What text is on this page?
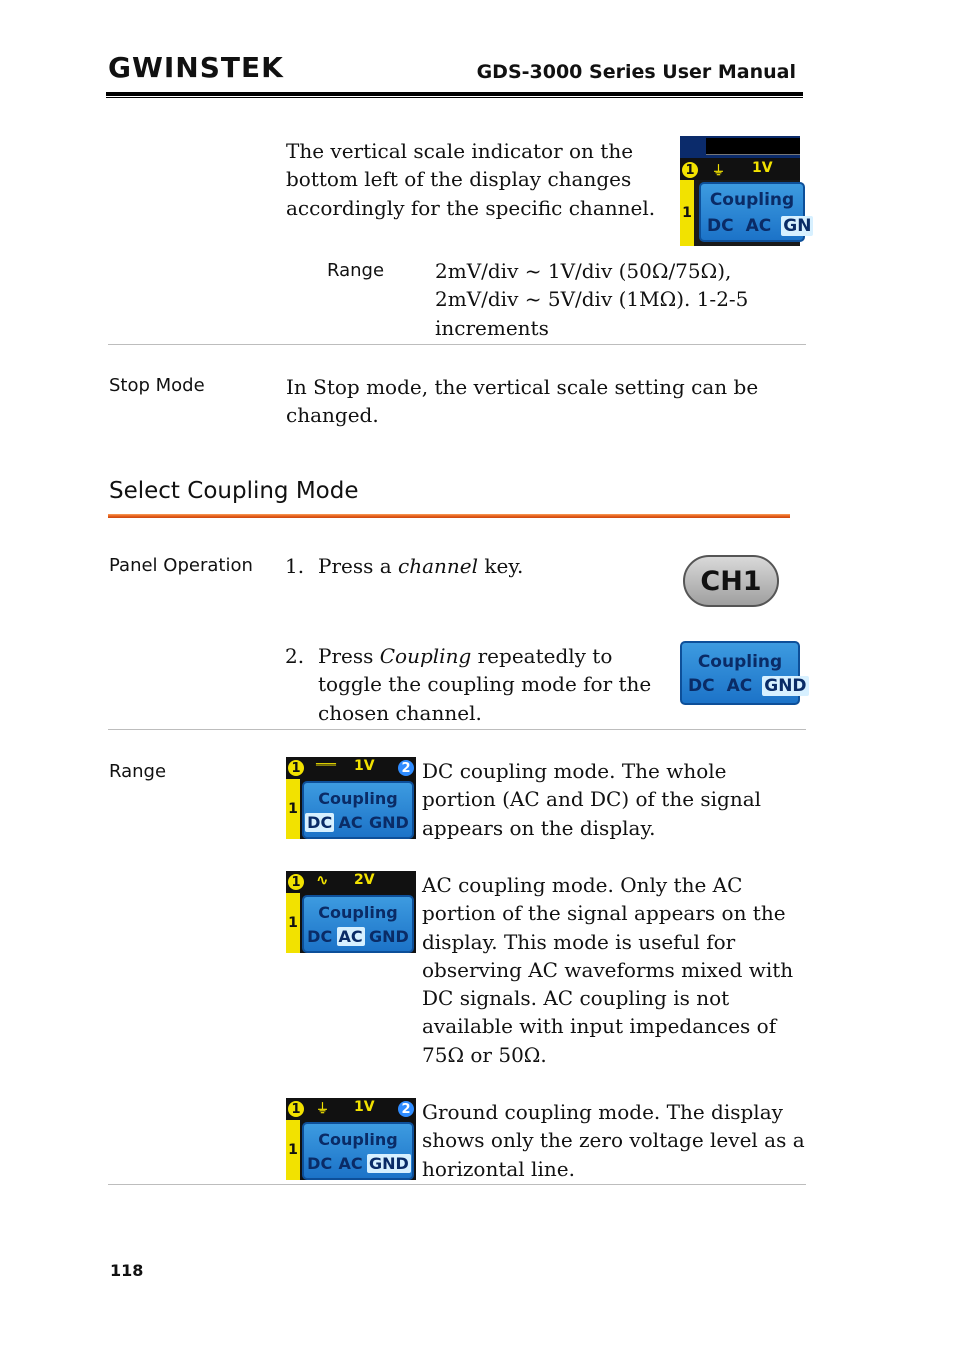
GWINSTEK	GDS-3000 Series User Manual
The vertical scale indicator on the bottom left of the display changes accordingly for the specific channel.
1 ⏚ 1V
1
Coupling
DC AC GN
Range	2mV/div ~ 1V/div (50Ω/75Ω), 2mV/div ~ 5V/div (1MΩ). 1-2-5 increments
Stop Mode	In Stop mode, the vertical scale setting can be changed.
Select Coupling Mode
Panel Operation 1. Press a channel key.	CH1
2. Press Coupling repeatedly to toggle the coupling mode for the chosen channel.
Coupling
DC AC GND
Range	1	═══ 1V 2
1
Coupling
DC AC GND
DC coupling mode. The whole portion (AC and DC) of the signal appears on the display.
1 ∿ 2V
1
Coupling
DC AC GND
AC coupling mode. Only the AC portion of the signal appears on the display. This mode is useful for observing AC waveforms mixed with DC signals. AC coupling is not available with input impedances of 75Ω or 50Ω.
1 ⏚ 1V 2
1
Coupling
DC AC GND
Ground coupling mode. The display shows only the zero voltage level as a horizontal line.
118
